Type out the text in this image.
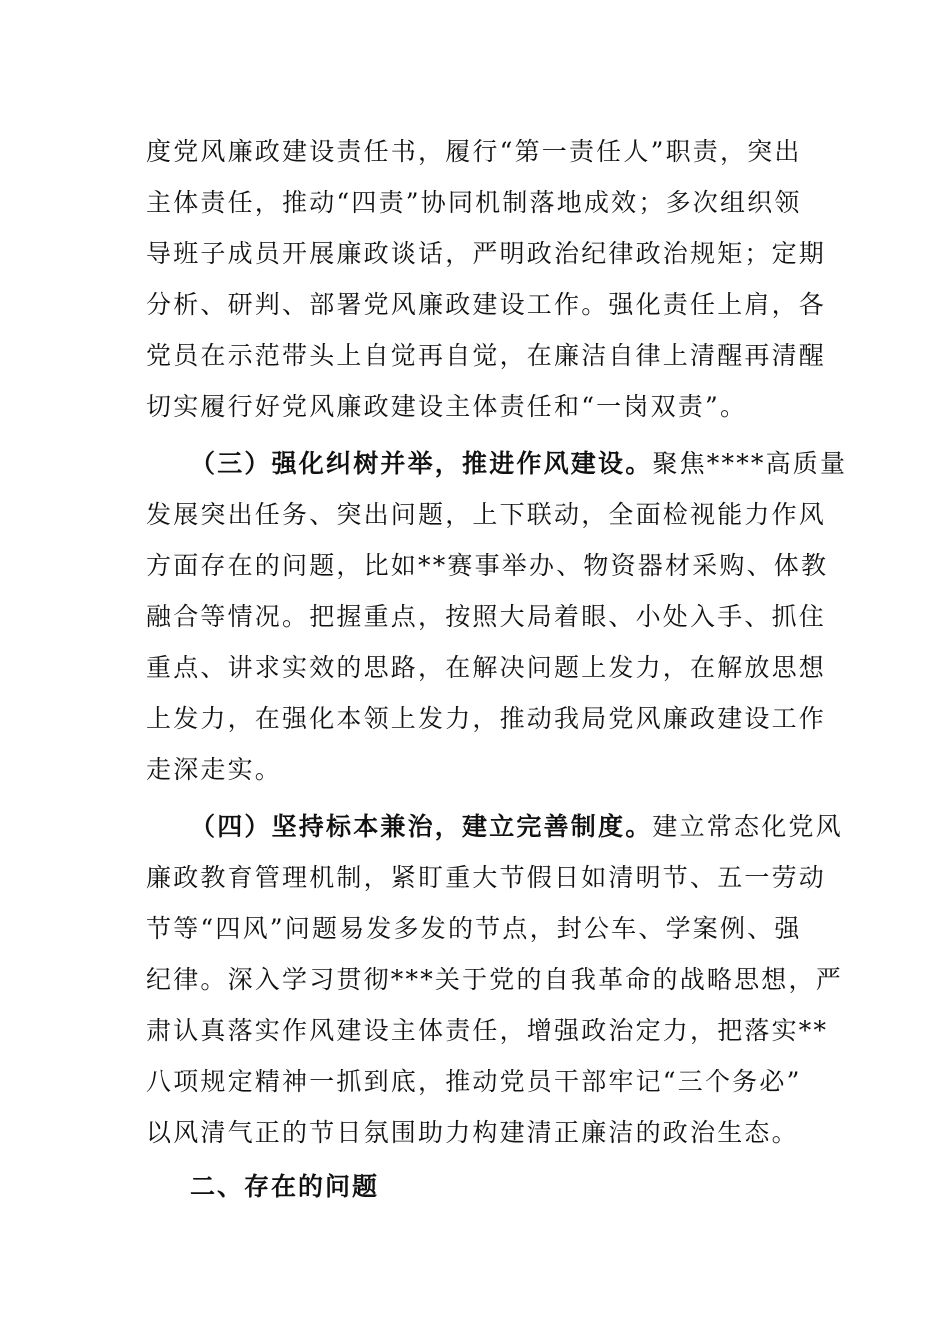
度党风廉政建设责任书，履行“第一责任人”职责，突出
主体责任，推动“四责”协同机制落地成效；多次组织领
导班子成员开展廉政谈话，严明政治纪律政治规矩；定期
分析、研判、部署党风廉政建设工作。强化责任上肩，各
党员在示范带头上自觉再自觉，在廉洁自律上清醒再清醒
切实履行好党风廉政建设主体责任和“一岗双责”。
（三）强化纠树并举，推进作风建设。聚焦****高质量
发展突出任务、突出问题，上下联动，全面检视能力作风
方面存在的问题，比如**赛事举办、物资器材采购、体教
融合等情况。把握重点，按照大局着眼、小处入手、抓住
重点、讲求实效的思路，在解决问题上发力，在解放思想
上发力，在强化本领上发力，推动我局党风廉政建设工作
走深走实。
（四）坚持标本兼治，建立完善制度。建立常态化党风
廉政教育管理机制，紧盯重大节假日如清明节、五一劳动
节等“四风”问题易发多发的节点，封公车、学案例、强
纪律。深入学习贯彻***关于党的自我革命的战略思想，严
肃认真落实作风建设主体责任，增强政治定力，把落实**
八项规定精神一抓到底，推动党员干部牢记“三个务必”
以风清气正的节日氛围助力构建清正廉洁的政治生态。
二、存在的问题
